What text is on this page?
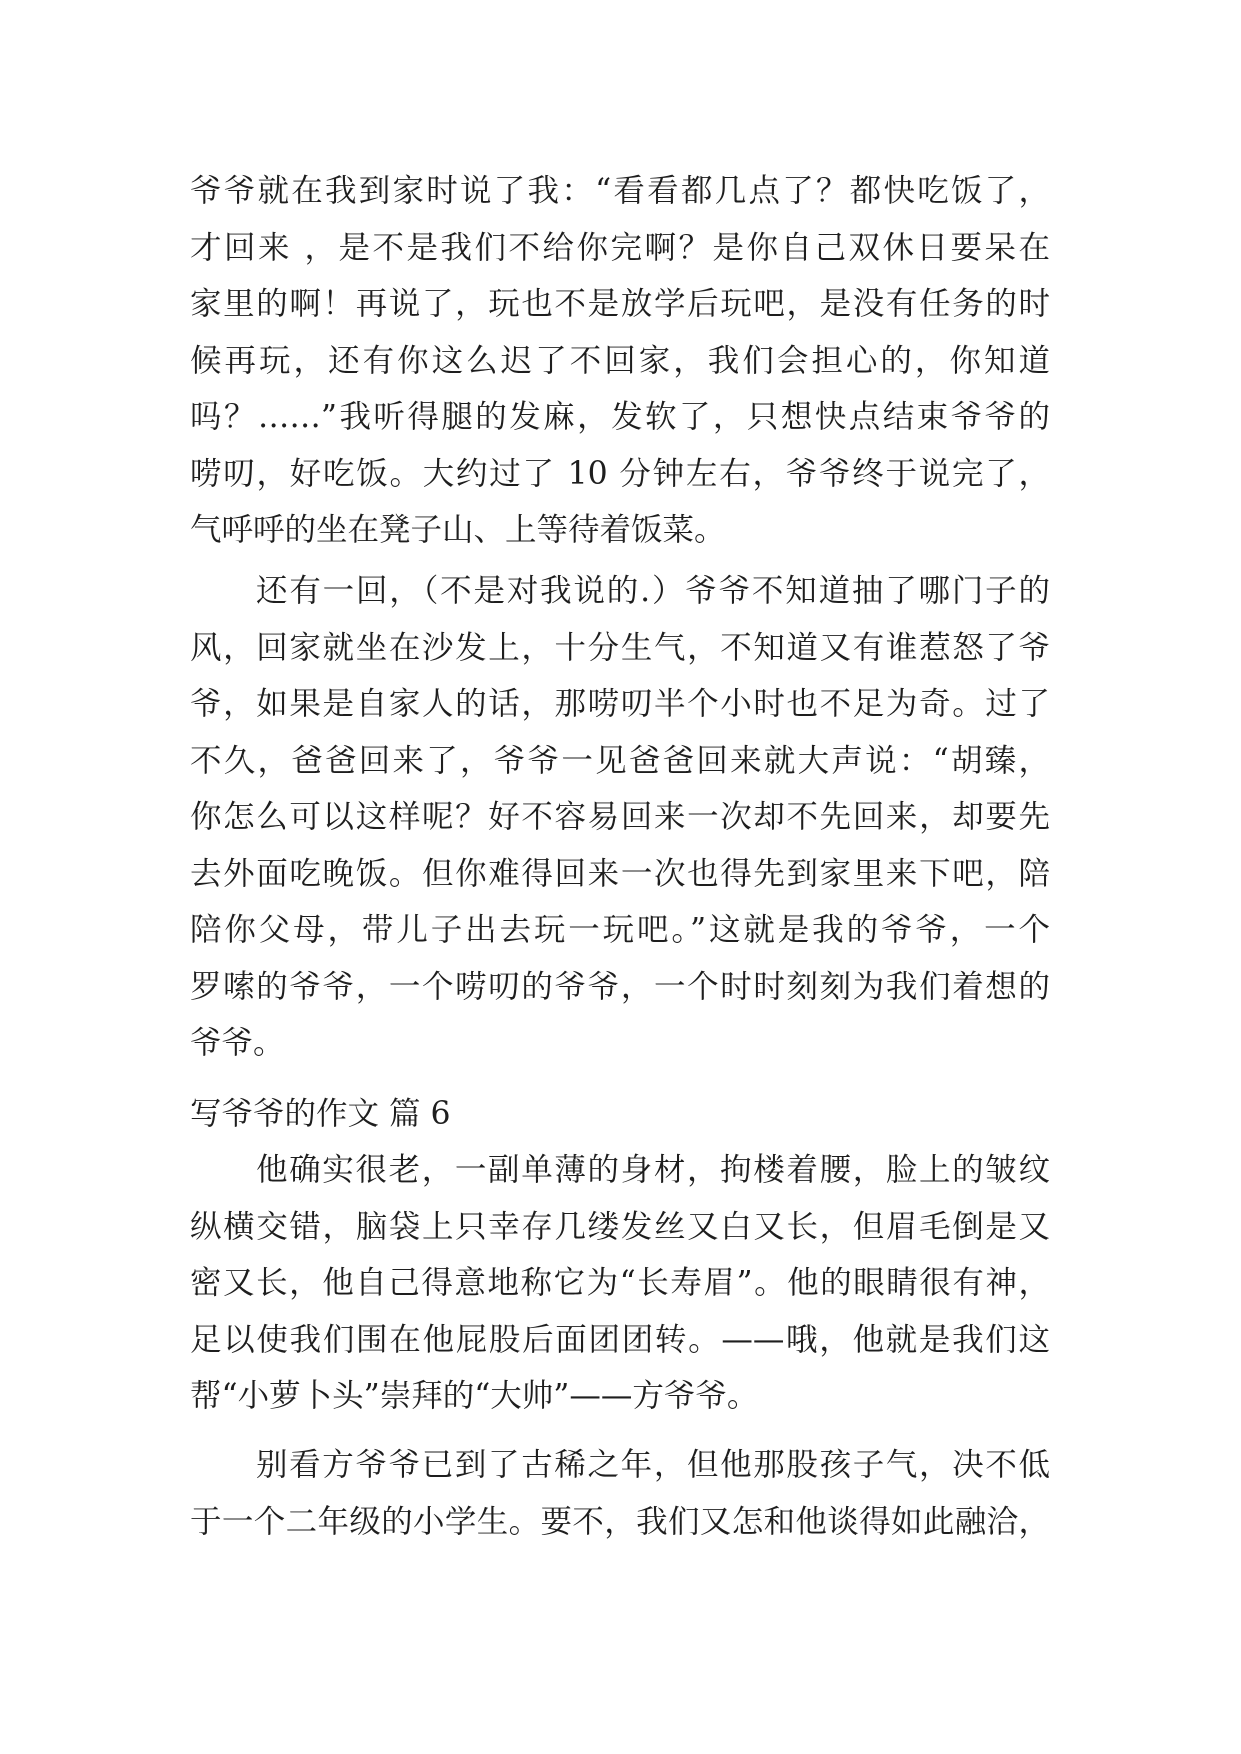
爷爷就在我到家时说了我：“看看都几点了？都快吃饭了，
才回来 ，是不是我们不给你完啊？是你自己双休日要呆在
家里的啊！再说了，玩也不是放学后玩吧，是没有任务的时
候再玩，还有你这么迟了不回家，我们会担心的，你知道
吗？……”我听得腿的发麻，发软了，只想快点结束爷爷的
唠叨，好吃饭。大约过了 10 分钟左右，爷爷终于说完了，
气呼呼的坐在凳子山、上等待着饭菜。
还有一回，（不是对我说的.）爷爷不知道抽了哪门子的
风，回家就坐在沙发上，十分生气，不知道又有谁惹怒了爷
爷，如果是自家人的话，那唠叨半个小时也不足为奇。过了
不久，爸爸回来了，爷爷一见爸爸回来就大声说：“胡臻，
你怎么可以这样呢？好不容易回来一次却不先回来，却要先
去外面吃晚饭。但你难得回来一次也得先到家里来下吧，陪
陪你父母，带儿子出去玩一玩吧。”这就是我的爷爷，一个
罗嗦的爷爷，一个唠叨的爷爷，一个时时刻刻为我们着想的
爷爷。
写爷爷的作文 篇 6
他确实很老，一副单薄的身材，拘楼着腰，脸上的皱纹
纵横交错，脑袋上只幸存几缕发丝又白又长，但眉毛倒是又
密又长，他自己得意地称它为“长寿眉”。他的眼睛很有神，
足以使我们围在他屁股后面团团转。——哦，他就是我们这
帮“小萝卜头”崇拜的“大帅”——方爷爷。
别看方爷爷已到了古稀之年，但他那股孩子气，决不低
于一个二年级的小学生。要不，我们又怎和他谈得如此融洽，
